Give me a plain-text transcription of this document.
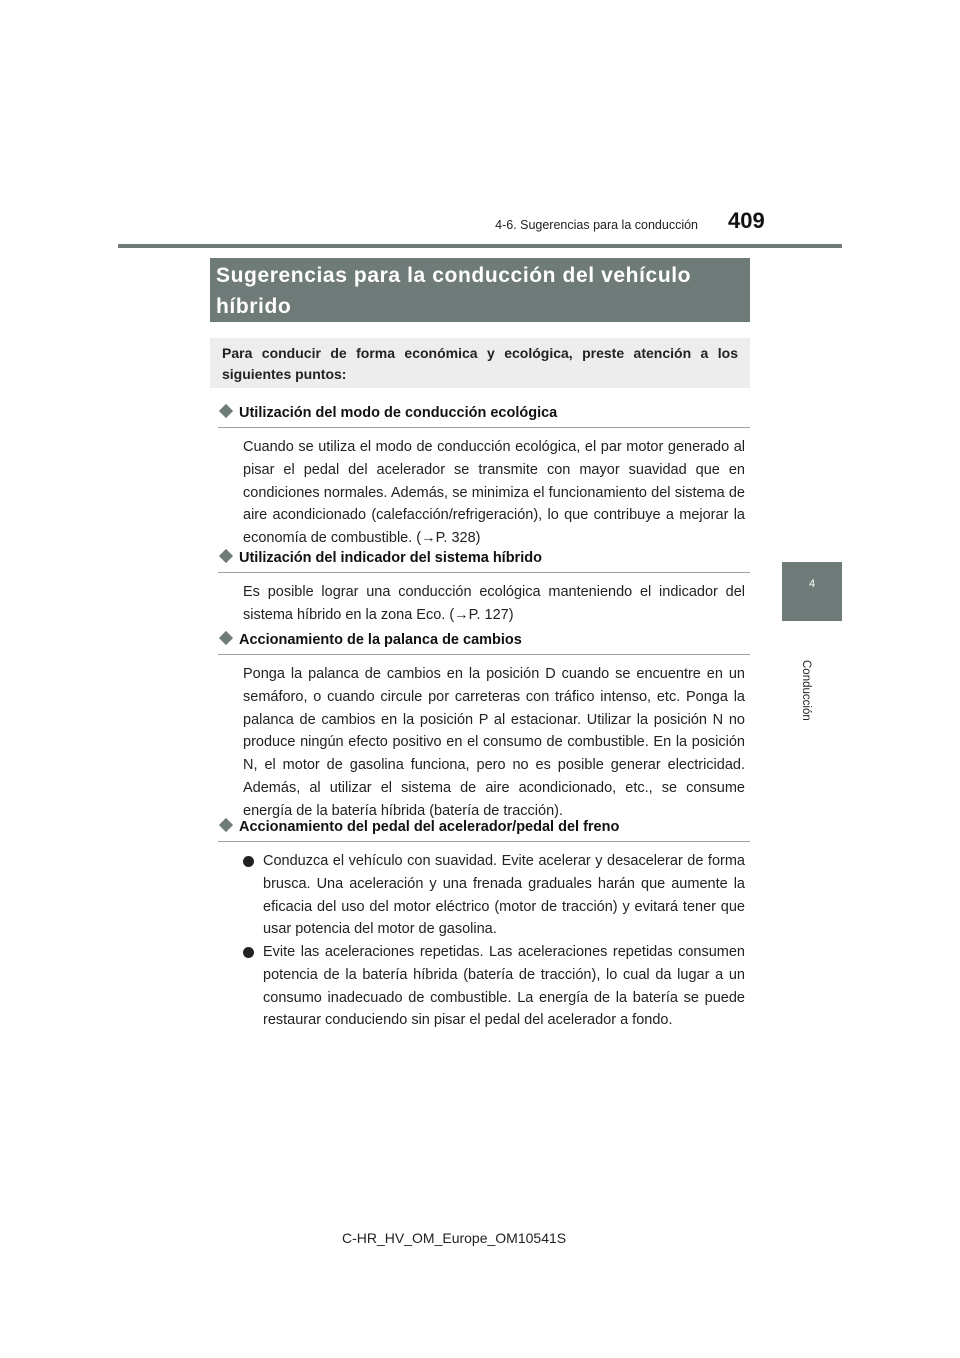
4-6. Sugerencias para la conducción 409
4
Conducción
Sugerencias para la conducción del vehículo híbrido
Para conducir de forma económica y ecológica, preste atención a los siguientes puntos:
Utilización del modo de conducción ecológica

Cuando se utiliza el modo de conducción ecológica, el par motor generado al pisar el pedal del acelerador se transmite con mayor suavidad que en condiciones normales. Además, se minimiza el funcionamiento del sistema de aire acondicionado (calefacción/refrigeración), lo que contribuye a mejorar la economía de combustible. (→P. 328)

Utilización del indicador del sistema híbrido

Es posible lograr una conducción ecológica manteniendo el indicador del sistema híbrido en la zona Eco. (→P. 127)

Accionamiento de la palanca de cambios

Ponga la palanca de cambios en la posición D cuando se encuentre en un semáforo, o cuando circule por carreteras con tráfico intenso, etc. Ponga la palanca de cambios en la posición P al estacionar. Utilizar la posición N no produce ningún efecto positivo en el consumo de combustible. En la posición N, el motor de gasolina funciona, pero no es posible generar electricidad. Además, al utilizar el sistema de aire acondicionado, etc., se consume energía de la batería híbrida (batería de tracción).

Accionamiento del pedal del acelerador/pedal del freno
Conduzca el vehículo con suavidad. Evite acelerar y desacelerar de forma brusca. Una aceleración y una frenada graduales harán que aumente la eficacia del uso del motor eléctrico (motor de tracción) y evitará tener que usar potencia del motor de gasolina.
Evite las aceleraciones repetidas. Las aceleraciones repetidas consumen potencia de la batería híbrida (batería de tracción), lo cual da lugar a un consumo inadecuado de combustible. La energía de la batería se puede restaurar conduciendo sin pisar el pedal del acelerador a fondo.
C-HR_HV_OM_Europe_OM10541S
